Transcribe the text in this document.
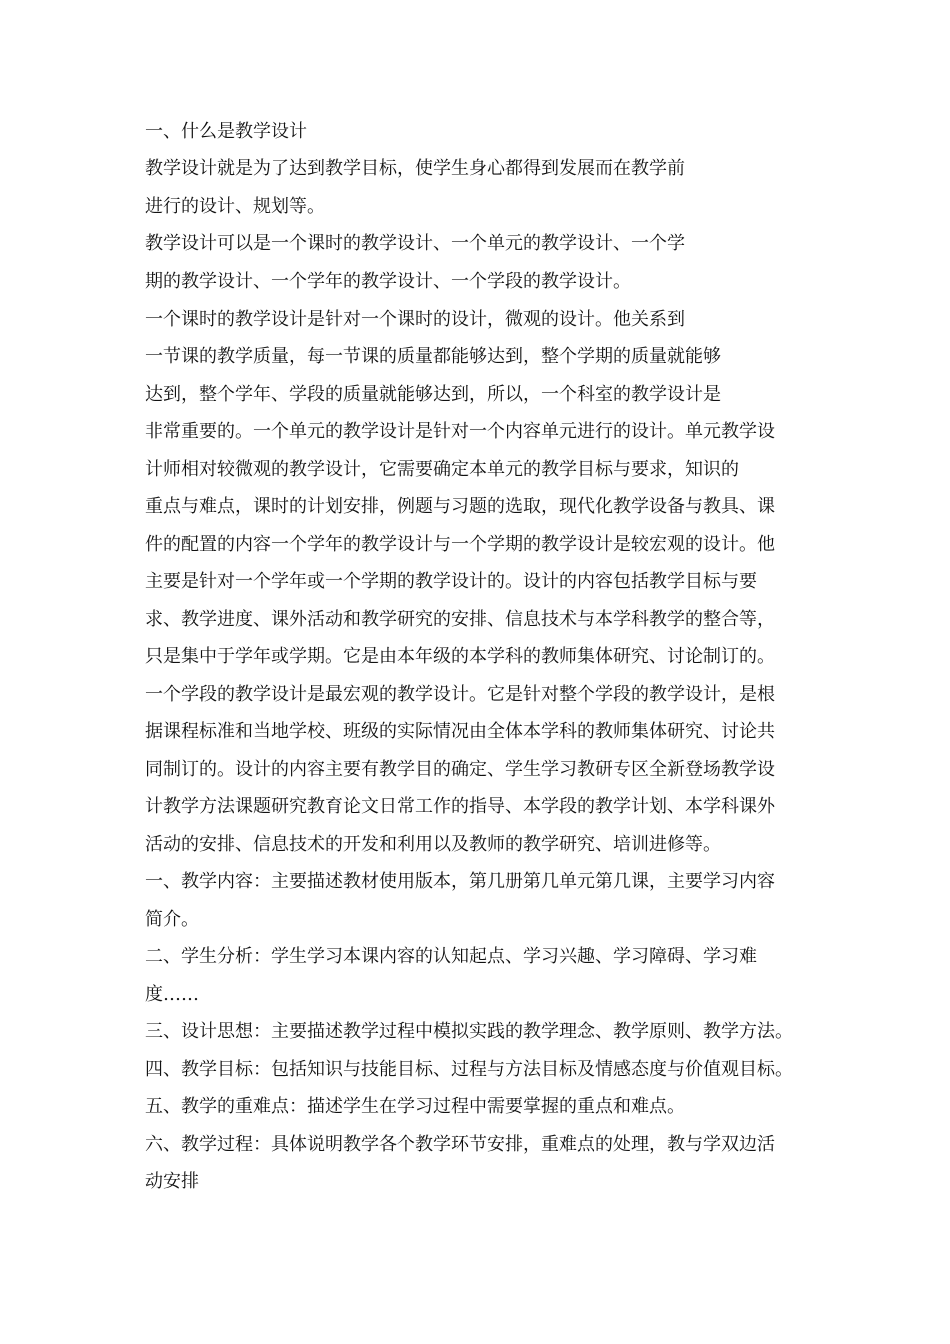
一、什么是教学设计
教学设计就是为了达到教学目标，使学生身心都得到发展而在教学前
进行的设计、规划等。
教学设计可以是一个课时的教学设计、一个单元的教学设计、一个学
期的教学设计、一个学年的教学设计、一个学段的教学设计。
一个课时的教学设计是针对一个课时的设计，微观的设计。他关系到
一节课的教学质量，每一节课的质量都能够达到，整个学期的质量就能够
达到，整个学年、学段的质量就能够达到，所以，一个科室的教学设计是
非常重要的。一个单元的教学设计是针对一个内容单元进行的设计。单元教学设
计师相对较微观的教学设计，它需要确定本单元的教学目标与要求，知识的
重点与难点，课时的计划安排，例题与习题的选取，现代化教学设备与教具、课
件的配置的内容一个学年的教学设计与一个学期的教学设计是较宏观的设计。他
主要是针对一个学年或一个学期的教学设计的。设计的内容包括教学目标与要
求、教学进度、课外活动和教学研究的安排、信息技术与本学科教学的整合等，
只是集中于学年或学期。它是由本年级的本学科的教师集体研究、讨论制订的。
一个学段的教学设计是最宏观的教学设计。它是针对整个学段的教学设计，是根
据课程标准和当地学校、班级的实际情况由全体本学科的教师集体研究、讨论共
同制订的。设计的内容主要有教学目的确定、学生学习教研专区全新登场教学设
计教学方法课题研究教育论文日常工作的指导、本学段的教学计划、本学科课外
活动的安排、信息技术的开发和利用以及教师的教学研究、培训进修等。
一、教学内容：主要描述教材使用版本，第几册第几单元第几课，主要学习内容
简介。
二、学生分析：学生学习本课内容的认知起点、学习兴趣、学习障碍、学习难
度……
三、设计思想：主要描述教学过程中模拟实践的教学理念、教学原则、教学方法。
四、教学目标：包括知识与技能目标、过程与方法目标及情感态度与价值观目标。
五、教学的重难点：描述学生在学习过程中需要掌握的重点和难点。
六、教学过程：具体说明教学各个教学环节安排，重难点的处理，教与学双边活
动安排
